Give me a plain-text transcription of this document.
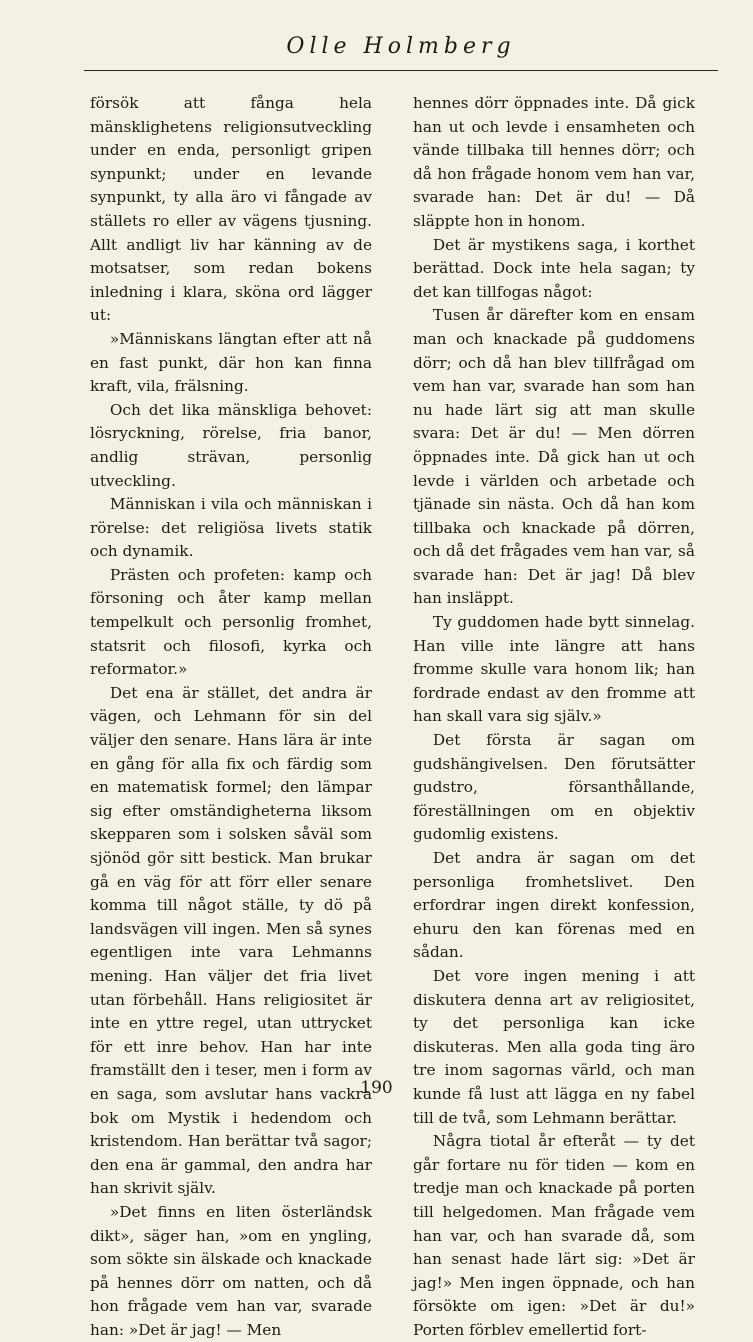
Olle Holmberg

försök att fånga hela mänsklighetens religionsutveckling under en enda, personligt gripen synpunkt; under en levande synpunkt, ty alla äro vi fångade av ställets ro eller av vägens tjusning. Allt andligt liv har känning av de motsatser, som redan bokens inledning i klara, sköna ord lägger ut:

»Människans längtan efter att nå en fast punkt, där hon kan finna kraft, vila, frälsning.

Och det lika mänskliga behovet: lösryckning, rörelse, fria banor, andlig strävan, personlig utveckling.

Människan i vila och människan i rörelse: det religiösa livets statik och dynamik.

Prästen och profeten: kamp och försoning och åter kamp mellan tempelkult och personlig fromhet, statsrit och filosofi, kyrka och reformator.»

Det ena är stället, det andra är vägen, och Lehmann för sin del väljer den senare. Hans lära är inte en gång för alla fix och färdig som en matematisk formel; den lämpar sig efter omständigheterna liksom skepparen som i solsken såväl som sjönöd gör sitt bestick. Man brukar gå en väg för att förr eller senare komma till något ställe, ty dö på landsvägen vill ingen. Men så synes egentligen inte vara Lehmanns mening. Han väljer det fria livet utan förbehåll. Hans religiositet är inte en yttre regel, utan uttrycket för ett inre behov. Han har inte framställt den i teser, men i form av en saga, som avslutar hans vackra bok om Mystik i hedendom och kristendom. Han berättar två sagor; den ena är gammal, den andra har han skrivit själv.

»Det finns en liten österländsk dikt», säger han, »om en yngling, som sökte sin älskade och knackade på hennes dörr om natten, och då hon frågade vem han var, svarade han: »Det är jag! — Men

hennes dörr öppnades inte. Då gick han ut och levde i ensamheten och vände tillbaka till hennes dörr; och då hon frågade honom vem han var, svarade han: Det är du! — Då släppte hon in honom.

Det är mystikens saga, i korthet berättad. Dock inte hela sagan; ty det kan tillfogas något:

Tusen år därefter kom en ensam man och knackade på guddomens dörr; och då han blev tillfrågad om vem han var, svarade han som han nu hade lärt sig att man skulle svara: Det är du! — Men dörren öppnades inte. Då gick han ut och levde i världen och arbetade och tjänade sin nästa. Och då han kom tillbaka och knackade på dörren, och då det frågades vem han var, så svarade han: Det är jag! Då blev han insläppt.

Ty guddomen hade bytt sinnelag. Han ville inte längre att hans fromme skulle vara honom lik; han fordrade endast av den fromme att han skall vara sig själv.»

Det första är sagan om gudshängivelsen. Den förutsätter gudstro, försanthållande, föreställningen om en objektiv gudomlig existens.

Det andra är sagan om det personliga fromhetslivet. Den erfordrar ingen direkt konfession, ehuru den kan förenas med en sådan.

Det vore ingen mening i att diskutera denna art av religiositet, ty det personliga kan icke diskuteras. Men alla goda ting äro tre inom sagornas värld, och man kunde få lust att lägga en ny fabel till de två, som Lehmann berättar.

Några tiotal år efteråt — ty det går fortare nu för tiden — kom en tredje man och knackade på porten till helgedomen. Man frågade vem han var, och han svarade då, som han senast hade lärt sig: »Det är jag!» Men ingen öppnade, och han försökte om igen: »Det är du!» Porten förblev emellertid fort-

190
